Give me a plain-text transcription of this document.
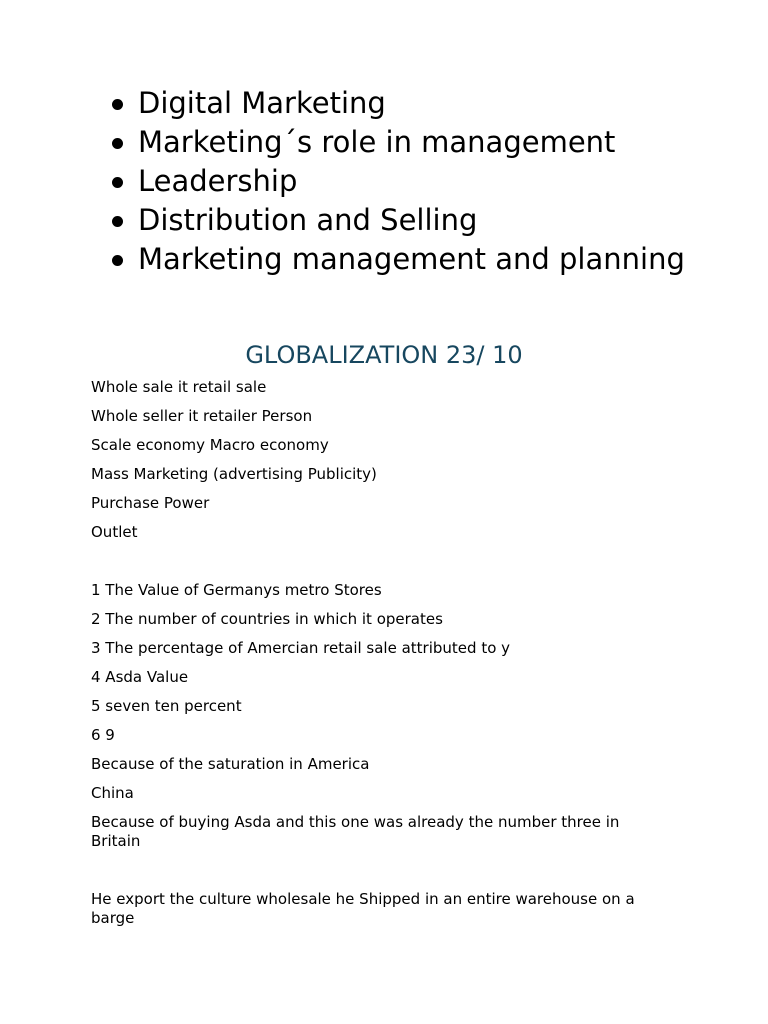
Digital Marketing
Marketing´s role in management
Leadership
Distribution and Selling
Marketing management and planning
GLOBALIZATION 23/ 10

Whole sale it retail sale

Whole seller it retailer Person

Scale economy Macro economy

Mass Marketing (advertising Publicity)

Purchase Power

Outlet

1 The Value of Germanys metro Stores

2 The number of countries in which it operates

3 The percentage of Amercian retail sale attributed to y

4 Asda Value

5 seven ten percent

6 9

Because of the saturation in America

China

Because of buying Asda and this one was already the number three in Britain

He export the culture wholesale he Shipped in an entire warehouse on a barge
